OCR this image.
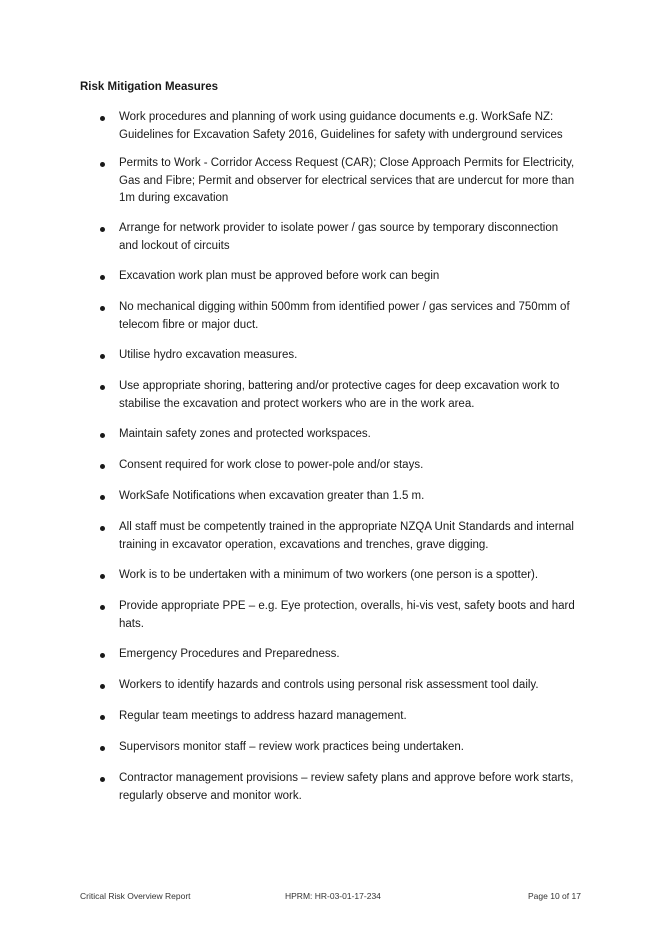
Risk Mitigation Measures

Work procedures and planning of work using guidance documents e.g. WorkSafe NZ: Guidelines for Excavation Safety 2016, Guidelines for safety with underground services
Permits to Work - Corridor Access Request (CAR); Close Approach Permits for Electricity, Gas and Fibre; Permit and observer for electrical services that are undercut for more than 1m during excavation
Arrange for network provider to isolate power / gas source by temporary disconnection and lockout of circuits
Excavation work plan must be approved before work can begin
No mechanical digging within 500mm from identified power / gas services and 750mm of telecom fibre or major duct.
Utilise hydro excavation measures.
Use appropriate shoring, battering and/or protective cages for deep excavation work to stabilise the excavation and protect workers who are in the work area.
Maintain safety zones and protected workspaces.
Consent required for work close to power-pole and/or stays.
WorkSafe Notifications when excavation greater than 1.5 m.
All staff must be competently trained in the appropriate NZQA Unit Standards and internal training in excavator operation, excavations and trenches, grave digging.
Work is to be undertaken with a minimum of two workers (one person is a spotter).
Provide appropriate PPE – e.g. Eye protection, overalls, hi-vis vest, safety boots and hard hats.
Emergency Procedures and Preparedness.
Workers to identify hazards and controls using personal risk assessment tool daily.
Regular team meetings to address hazard management.
Supervisors monitor staff – review work practices being undertaken.
Contractor management provisions – review safety plans and approve before work starts, regularly observe and monitor work.
Critical Risk Overview Report	HPRM: HR-03-01-17-234	Page 10 of 17
